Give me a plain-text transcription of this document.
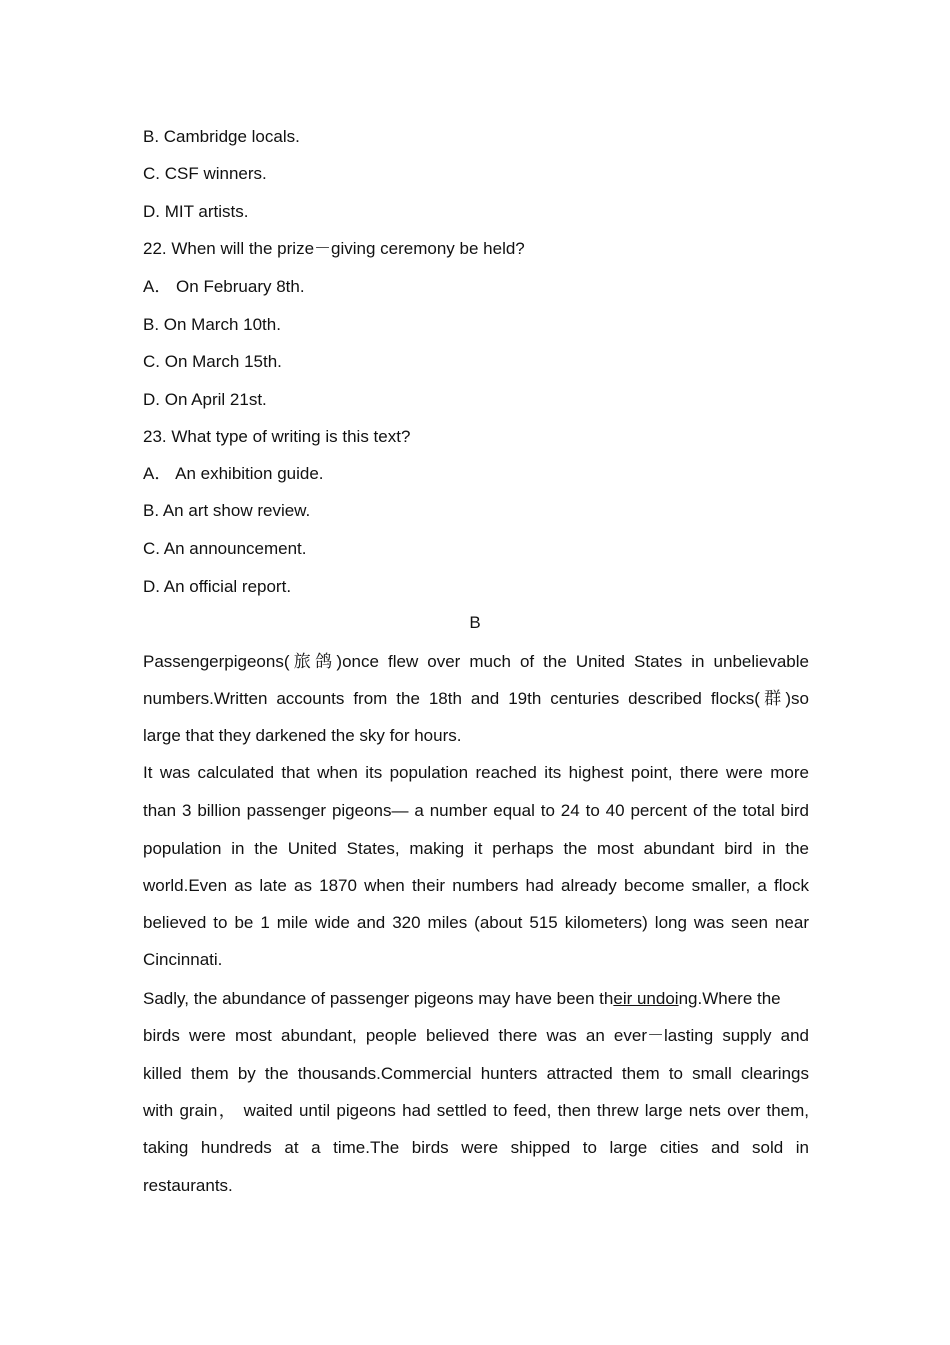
B. Cambridge locals.
C. CSF winners.
D. MIT artists.
22. When will the prize－giving ceremony be held?
A． On February 8th.
B. On March 10th.
C. On March 15th.
D. On April 21st.
23. What type of writing is this text?
A． An exhibition guide.
B. An art show review.
C. An announcement.
D. An official report.
B
Passengerpigeons(旅鸽)once flew over much of the United States in unbelievable
numbers.Written accounts from the 18th and 19th centuries described flocks(群)so
large that they darkened the sky for hours.
It was calculated that when its population reached its highest point, there were more
than 3 billion passenger pigeons— a number equal to 24 to 40 percent of the total bird
population in the United States, making it perhaps the most abundant bird in the
world.Even as late as 1870 when their numbers had already become smaller, a flock
believed to be 1 mile wide and 320 miles (about 515 kilometers) long was seen near
Cincinnati.
Sadly, the abundance of passenger pigeons may have been their undoing.Where the
birds were most abundant, people believed there was an ever－lasting supply and
killed them by the thousands.Commercial hunters attracted them to small clearings
with grain， waited until pigeons had settled to feed, then threw large nets over them,
taking hundreds at a time.The birds were shipped to large cities and sold in
restaurants.
